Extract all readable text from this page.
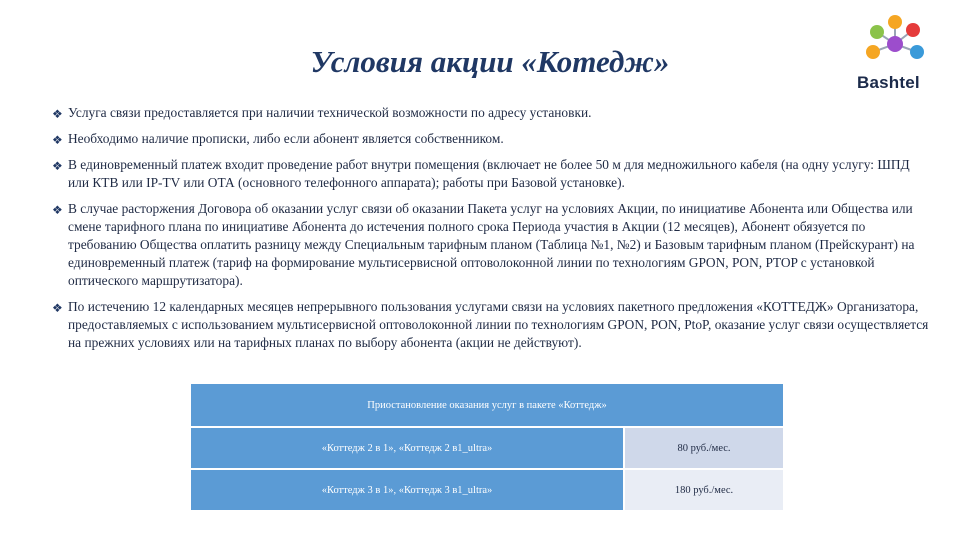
Условия акции «Котедж»
Bashtel
❖ Услуга связи предоставляется при наличии технической возможности по адресу установки.
❖ Необходимо наличие прописки, либо если абонент является собственником.
❖ В единовременный платеж входит проведение работ внутри помещения (включает не более 50 м для медножильного кабеля (на одну услугу: ШПД или КТВ или IP-TV или ОТА (основного телефонного аппарата); работы при Базовой установке).
❖ В случае расторжения Договора об оказании услуг связи об оказании Пакета услуг на условиях Акции, по инициативе Абонента или Общества или смене тарифного плана по инициативе Абонента до истечения полного срока Периода участия в Акции (12 месяцев), Абонент обязуется по требованию Общества оплатить разницу между Специальным тарифным планом (Таблица №1, №2) и Базовым тарифным планом (Прейскурант) на единовременный платеж (тариф на формирование мультисервисной оптоволоконной линии по технологиям GPON, PON, PTOP с установкой оптического маршрутизатора).
❖ По истечению 12 календарных месяцев непрерывного пользования услугами связи на условиях пакетного предложения «КОТТЕДЖ» Организатора, предоставляемых с использованием мультисервисной оптоволоконной линии по технологиям GPON, PON, PtoP, оказание услуг связи осуществляется на прежних условиях или на тарифных планах по выбору абонента (акции не действуют).
Приостановление оказания услуг в пакете «Коттедж»	
«Коттедж 2 в 1», «Коттедж 2 в1_ultra»	80 руб./мес.
«Коттедж 3 в 1», «Коттедж 3 в1_ultra»	180 руб./мес.
